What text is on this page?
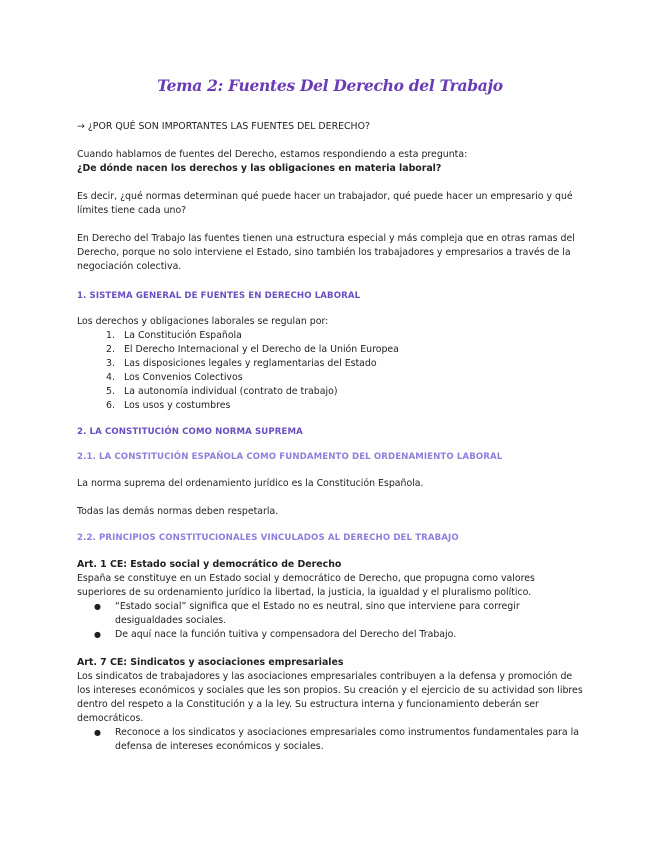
Tema 2: Fuentes Del Derecho del Trabajo

→ ¿POR QUÉ SON IMPORTANTES LAS FUENTES DEL DERECHO?

Cuando hablamos de fuentes del Derecho, estamos respondiendo a esta pregunta:
¿De dónde nacen los derechos y las obligaciones en materia laboral?

Es decir, ¿qué normas determinan qué puede hacer un trabajador, qué puede hacer un empresario y qué límites tiene cada uno?

En Derecho del Trabajo las fuentes tienen una estructura especial y más compleja que en otras ramas del Derecho, porque no solo interviene el Estado, sino también los trabajadores y empresarios a través de la negociación colectiva.

1. SISTEMA GENERAL DE FUENTES EN DERECHO LABORAL

Los derechos y obligaciones laborales se regulan por:

1. La Constitución Española
2. El Derecho Internacional y el Derecho de la Unión Europea
3. Las disposiciones legales y reglamentarias del Estado
4. Los Convenios Colectivos
5. La autonomía individual (contrato de trabajo)
6. Los usos y costumbres
2. LA CONSTITUCIÓN COMO NORMA SUPREMA
2.1. LA CONSTITUCIÓN ESPAÑOLA COMO FUNDAMENTO DEL ORDENAMIENTO LABORAL

La norma suprema del ordenamiento jurídico es la Constitución Española.

Todas las demás normas deben respetarla.

2.2. PRINCIPIOS CONSTITUCIONALES VINCULADOS AL DERECHO DEL TRABAJO

Art. 1 CE: Estado social y democrático de Derecho

España se constituye en un Estado social y democrático de Derecho, que propugna como valores superiores de su ordenamiento jurídico la libertad, la justicia, la igualdad y el pluralismo político.

●	“Estado social” significa que el Estado no es neutral, sino que interviene para corregir desigualdades sociales.
●	De aquí nace la función tuitiva y compensadora del Derecho del Trabajo.

Art. 7 CE: Sindicatos y asociaciones empresariales

Los sindicatos de trabajadores y las asociaciones empresariales contribuyen a la defensa y promoción de los intereses económicos y sociales que les son propios. Su creación y el ejercicio de su actividad son libres dentro del respeto a la Constitución y a la ley. Su estructura interna y funcionamiento deberán ser democráticos.

●	Reconoce a los sindicatos y asociaciones empresariales como instrumentos fundamentales para la defensa de intereses económicos y sociales.
